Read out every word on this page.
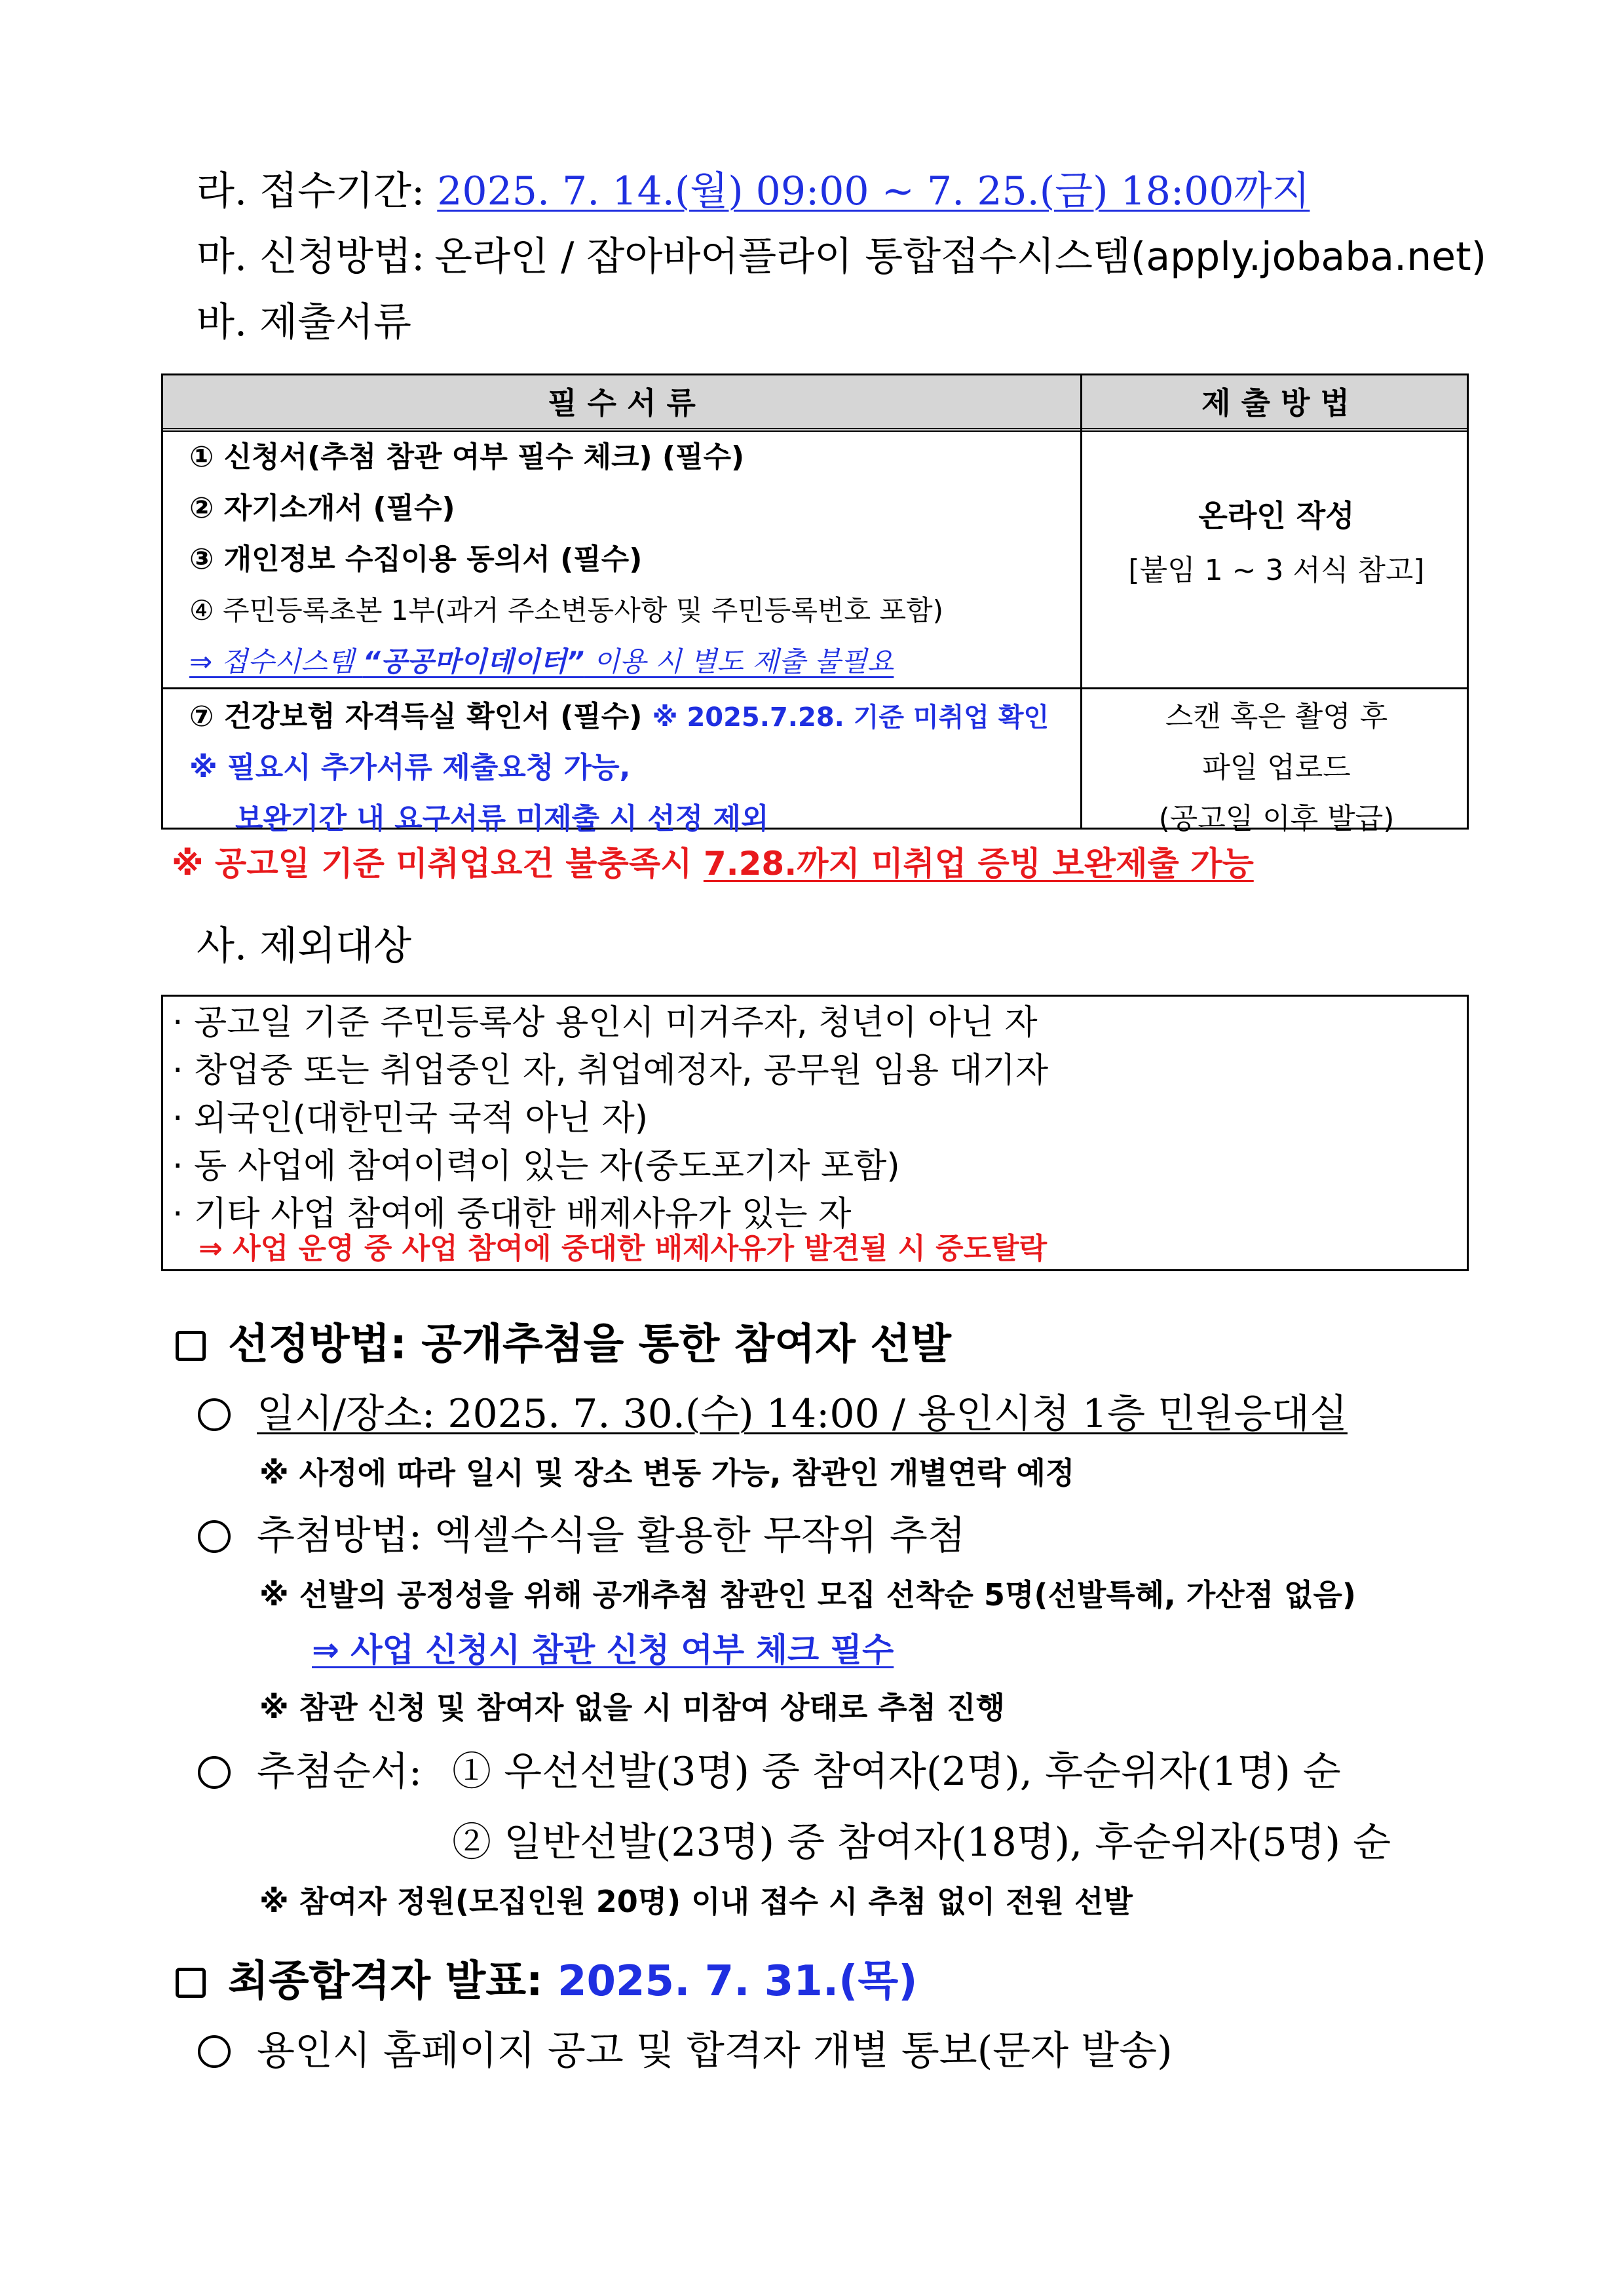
라. 접수기간: 2025. 7. 14.(월) 09:00 ~ 7. 25.(금) 18:00까지
마. 신청방법: 온라인 / 잡아바어플라이 통합접수시스템(apply.jobaba.net)
바. 제출서류
필 수 서 류	제 출 방 법
① 신청서(추첨 참관 여부 필수 체크) (필수)
② 자기소개서 (필수)
③ 개인정보 수집이용 동의서 (필수)
④ 주민등록초본 1부(과거 주소변동사항 및 주민등록번호 포함)
⇒ 접수시스템 “공공마이데이터” 이용 시 별도 제출 불필요
온라인 작성
[붙임 1 ~ 3 서식 참고]
⑦ 건강보험 자격득실 확인서 (필수) ※ 2025.7.28. 기준 미취업 확인
※ 필요시 추가서류 제출요청 가능,
보완기간 내 요구서류 미제출 시 선정 제외
스캔 혹은 촬영 후
파일 업로드
(공고일 이후 발급)
※ 공고일 기준 미취업요건 불충족시 7.28.까지 미취업 증빙 보완제출 가능
사. 제외대상
· 공고일 기준 주민등록상 용인시 미거주자, 청년이 아닌 자
· 창업중 또는 취업중인 자, 취업예정자, 공무원 임용 대기자
· 외국인(대한민국 국적 아닌 자)
· 동 사업에 참여이력이 있는 자(중도포기자 포함)
· 기타 사업 참여에 중대한 배제사유가 있는 자
⇒ 사업 운영 중 사업 참여에 중대한 배제사유가 발견될 시 중도탈락
선정방법: 공개추첨을 통한 참여자 선발
일시/장소: 2025. 7. 30.(수) 14:00 / 용인시청 1층 민원응대실
※ 사정에 따라 일시 및 장소 변동 가능, 참관인 개별연락 예정
추첨방법: 엑셀수식을 활용한 무작위 추첨
※ 선발의 공정성을 위해 공개추첨 참관인 모집 선착순 5명(선발특혜, 가산점 없음)
⇒ 사업 신청시 참관 신청 여부 체크 필수
※ 참관 신청 및 참여자 없을 시 미참여 상태로 추첨 진행
추첨순서: ① 우선선발(3명) 중 참여자(2명), 후순위자(1명) 순
② 일반선발(23명) 중 참여자(18명), 후순위자(5명) 순
※ 참여자 정원(모집인원 20명) 이내 접수 시 추첨 없이 전원 선발
최종합격자 발표: 2025. 7. 31.(목)
용인시 홈페이지 공고 및 합격자 개별 통보(문자 발송)
